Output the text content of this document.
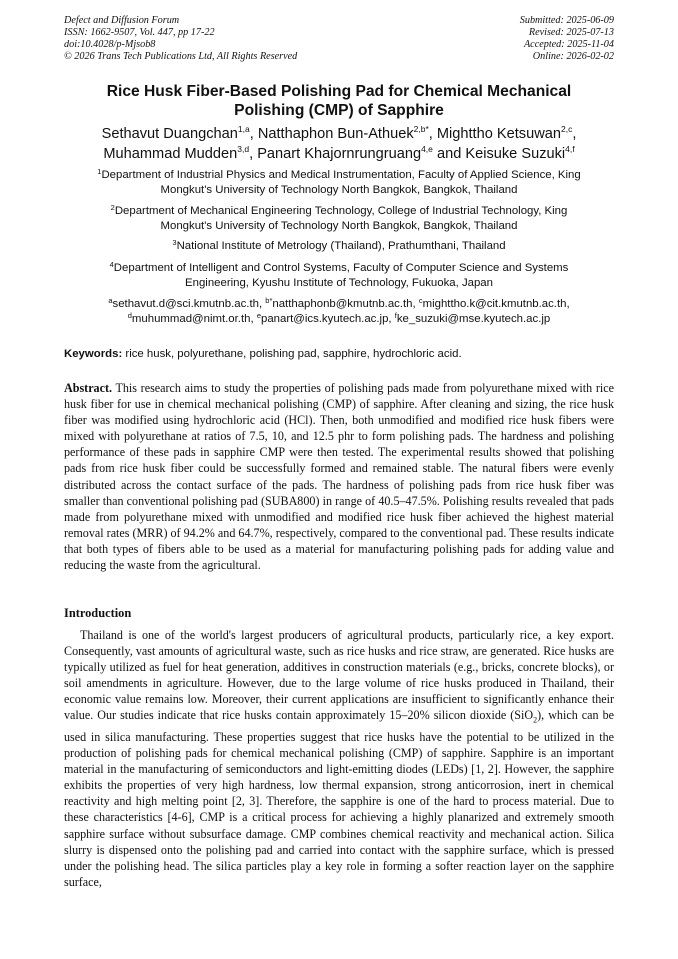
Defect and Diffusion Forum
ISSN: 1662-9507, Vol. 447, pp 17-22
doi:10.4028/p-Mjsob8
© 2026 Trans Tech Publications Ltd, All Rights Reserved
Submitted: 2025-06-09
Revised: 2025-07-13
Accepted: 2025-11-04
Online: 2026-02-02
Rice Husk Fiber-Based Polishing Pad for Chemical Mechanical
Polishing (CMP) of Sapphire
Sethavut Duangchan$^{1,a}$, Natthaphon Bun-Athuek$^{2,b*}$, Mighttho Ketsuwan$^{2,c}$,
Muhammad Mudden$^{3,d}$, Panart Khajornrungruang$^{4,e}$ and Keisuke Suzuki$^{4,f}$
$^1$Department of Industrial Physics and Medical Instrumentation, Faculty of Applied Science, King
Mongkut's University of Technology North Bangkok, Bangkok, Thailand
$^2$Department of Mechanical Engineering Technology, College of Industrial Technology, King
Mongkut's University of Technology North Bangkok, Bangkok, Thailand
$^3$National Institute of Metrology (Thailand), Prathumthani, Thailand
$^4$Department of Intelligent and Control Systems, Faculty of Computer Science and Systems
Engineering, Kyushu Institute of Technology, Fukuoka, Japan
$^a$sethavut.d@sci.kmutnb.ac.th, $^{b*}$natthaphonb@kmutnb.ac.th, $^c$mighttho.k@cit.kmutnb.ac.th,
$^d$muhummad@nimt.or.th, $^e$panart@ics.kyutech.ac.jp, $^f$ke_suzuki@mse.kyutech.ac.jp
Keywords: rice husk, polyurethane, polishing pad, sapphire, hydrochloric acid.
Abstract. This research aims to study the properties of polishing pads made from polyurethane mixed with rice husk fiber for use in chemical mechanical polishing (CMP) of sapphire. After cleaning and sizing, the rice husk fiber was modified using hydrochloric acid (HCl). Then, both unmodified and modified rice husk fibers were mixed with polyurethane at ratios of 7.5, 10, and 12.5 phr to form polishing pads. The hardness and polishing performance of these pads in sapphire CMP were then tested. The experimental results showed that polishing pads from rice husk fiber could be successfully formed and remained stable. The natural fibers were evenly distributed across the contact surface of the pads. The hardness of polishing pads from rice husk fiber was smaller than conventional polishing pad (SUBA800) in range of 40.5–47.5%. Polishing results revealed that pads made from polyurethane mixed with unmodified and modified rice husk fiber achieved the highest material removal rates (MRR) of 94.2% and 64.7%, respectively, compared to the conventional pad. These results indicate that both types of fibers able to be used as a material for manufacturing polishing pads for adding value and reducing the waste from the agricultural.
Introduction
Thailand is one of the world's largest producers of agricultural products, particularly rice, a key export. Consequently, vast amounts of agricultural waste, such as rice husks and rice straw, are generated. Rice husks are typically utilized as fuel for heat generation, additives in construction materials (e.g., bricks, concrete blocks), or soil amendments in agriculture. However, due to the large volume of rice husks produced in Thailand, their economic value remains low. Moreover, their current applications are insufficient to significantly enhance their value. Our studies indicate that rice husks contain approximately 15–20% silicon dioxide (SiO$_2$), which can be used in silica manufacturing. These properties suggest that rice husks have the potential to be utilized in the production of polishing pads for chemical mechanical polishing (CMP) of sapphire. Sapphire is an important material in the manufacturing of semiconductors and light-emitting diodes (LEDs) [1, 2]. However, the sapphire exhibits the properties of very high hardness, low thermal expansion, strong anticorrosion, inert in chemical reactivity and high melting point [2, 3]. Therefore, the sapphire is one of the hard to process material. Due to these characteristics [4-6], CMP is a critical process for achieving a highly planarized and extremely smooth sapphire surface without subsurface damage. CMP combines chemical reactivity and mechanical action. Silica slurry is dispensed onto the polishing pad and carried into contact with the sapphire surface, which is pressed under the polishing head. The silica particles play a key role in forming a softer reaction layer on the sapphire surface,
